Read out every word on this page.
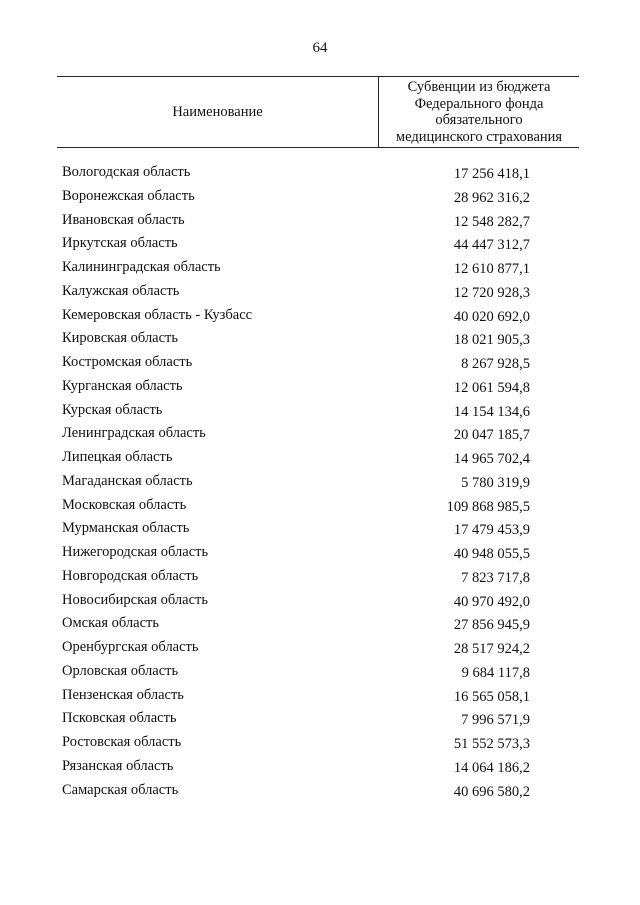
64
Наименование
Субвенции из бюджета
Федерального фонда
обязательного
медицинского страхования
Вологодская область	17 256 418,1
Воронежская область	28 962 316,2
Ивановская область	12 548 282,7
Иркутская область	44 447 312,7
Калининградская область	12 610 877,1
Калужская область	12 720 928,3
Кемеровская область - Кузбасс	40 020 692,0
Кировская область	18 021 905,3
Костромская область	8 267 928,5
Курганская область	12 061 594,8
Курская область	14 154 134,6
Ленинградская область	20 047 185,7
Липецкая область	14 965 702,4
Магаданская область	5 780 319,9
Московская область	109 868 985,5
Мурманская область	17 479 453,9
Нижегородская область	40 948 055,5
Новгородская область	7 823 717,8
Новосибирская область	40 970 492,0
Омская область	27 856 945,9
Оренбургская область	28 517 924,2
Орловская область	9 684 117,8
Пензенская область	16 565 058,1
Псковская область	7 996 571,9
Ростовская область	51 552 573,3
Рязанская область	14 064 186,2
Самарская область	40 696 580,2
